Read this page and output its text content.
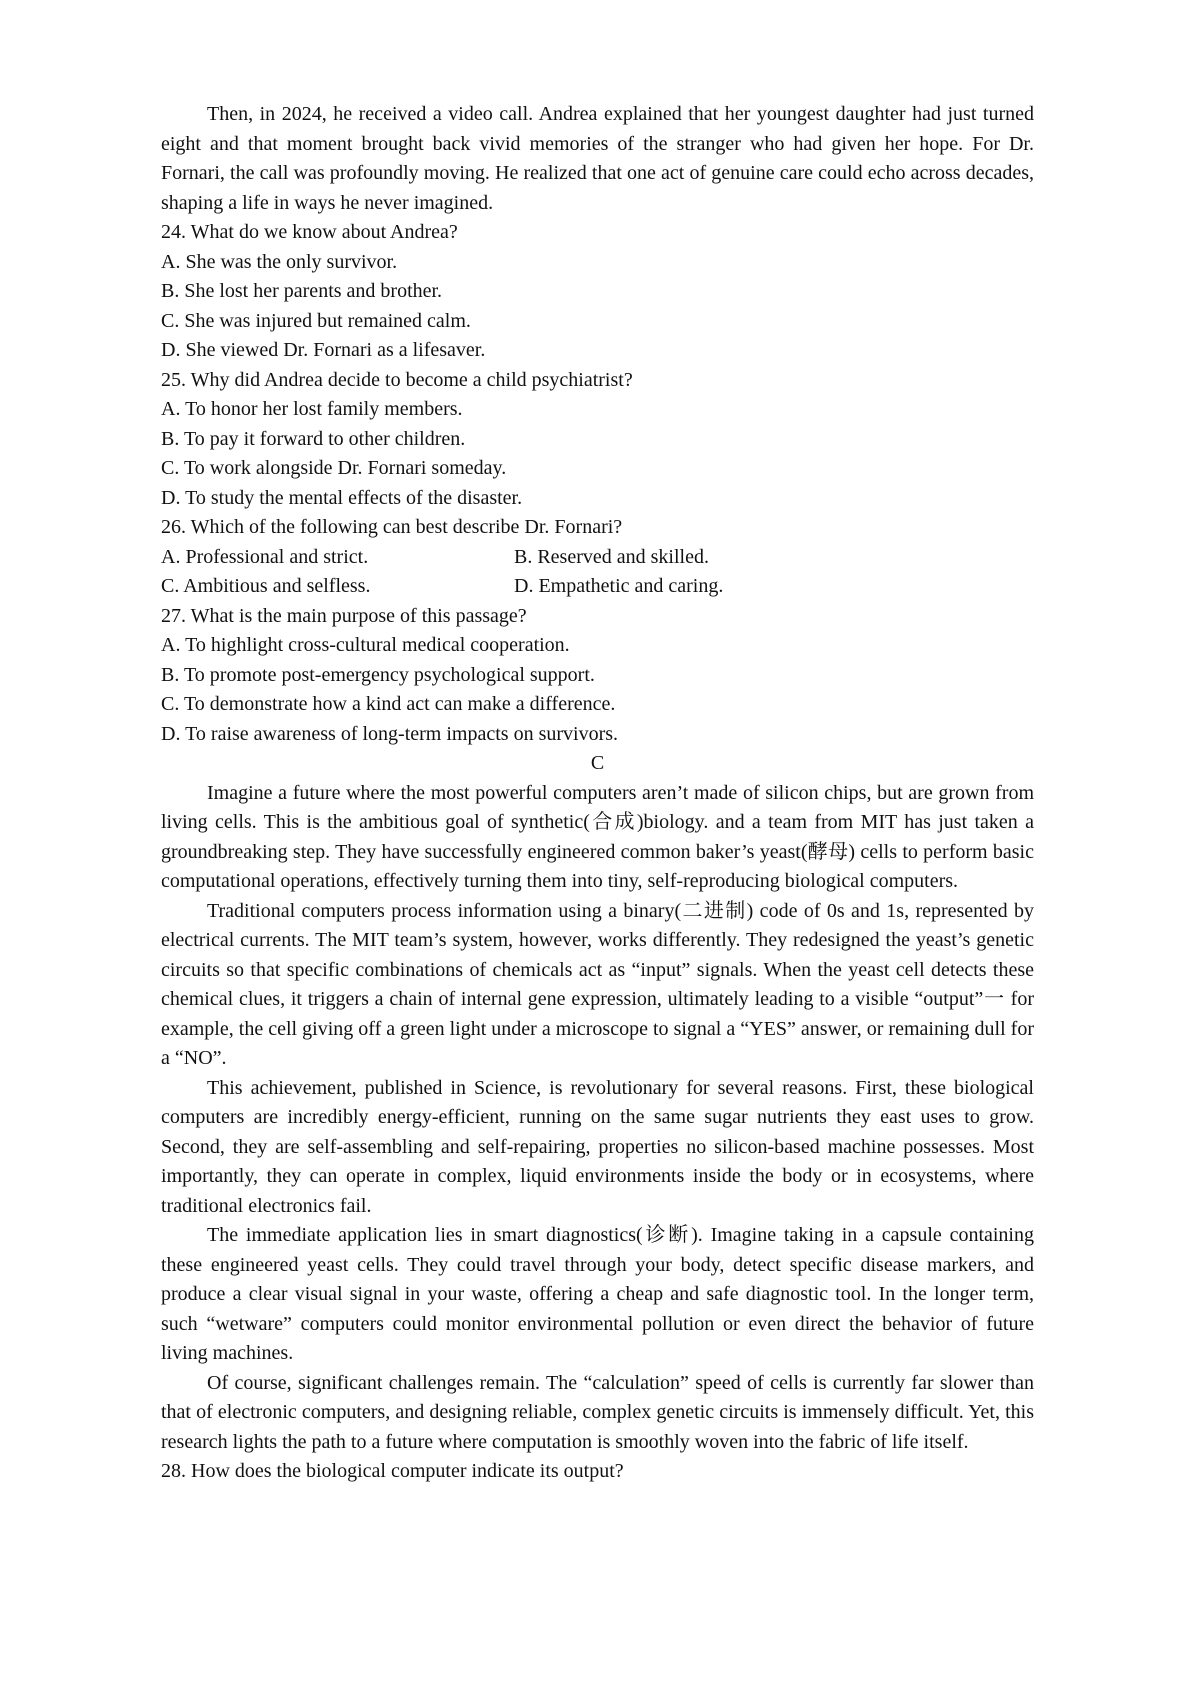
Then, in 2024, he received a video call. Andrea explained that her youngest daughter had just turned eight and that moment brought back vivid memories of the stranger who had given her hope. For Dr. Fornari, the call was profoundly moving. He realized that one act of genuine care could echo across decades, shaping a life in ways he never imagined.

24. What do we know about Andrea?
A. She was the only survivor.
B. She lost her parents and brother.
C. She was injured but remained calm.
D. She viewed Dr. Fornari as a lifesaver.
25. Why did Andrea decide to become a child psychiatrist?
A. To honor her lost family members.
B. To pay it forward to other children.
C. To work alongside Dr. Fornari someday.
D. To study the mental effects of the disaster.
26. Which of the following can best describe Dr. Fornari?
A. Professional and strict.	B. Reserved and skilled.
C. Ambitious and selfless.	D. Empathetic and caring.
27. What is the main purpose of this passage?
A. To highlight cross-cultural medical cooperation.
B. To promote post-emergency psychological support.
C. To demonstrate how a kind act can make a difference.
D. To raise awareness of long-term impacts on survivors.
C

Imagine a future where the most powerful computers aren’t made of silicon chips, but are grown from living cells. This is the ambitious goal of synthetic(合成)biology. and a team from MIT has just taken a groundbreaking step. They have successfully engineered common baker’s yeast(酵母) cells to perform basic computational operations, effectively turning them into tiny, self-reproducing biological computers.

Traditional computers process information using a binary(二进制) code of 0s and 1s, represented by electrical currents. The MIT team’s system, however, works differently. They redesigned the yeast’s genetic circuits so that specific combinations of chemicals act as “input” signals. When the yeast cell detects these chemical clues, it triggers a chain of internal gene expression, ultimately leading to a visible “output”一 for example, the cell giving off a green light under a microscope to signal a “YES” answer, or remaining dull for a “NO”.

This achievement, published in Science, is revolutionary for several reasons. First, these biological computers are incredibly energy-efficient, running on the same sugar nutrients they east uses to grow. Second, they are self-assembling and self-repairing, properties no silicon-based machine possesses. Most importantly, they can operate in complex, liquid environments inside the body or in ecosystems, where traditional electronics fail.

The immediate application lies in smart diagnostics(诊断). Imagine taking in a capsule containing these engineered yeast cells. They could travel through your body, detect specific disease markers, and produce a clear visual signal in your waste, offering a cheap and safe diagnostic tool. In the longer term, such “wetware” computers could monitor environmental pollution or even direct the behavior of future living machines.

Of course, significant challenges remain. The “calculation” speed of cells is currently far slower than that of electronic computers, and designing reliable, complex genetic circuits is immensely difficult. Yet, this research lights the path to a future where computation is smoothly woven into the fabric of life itself.

28. How does the biological computer indicate its output?
